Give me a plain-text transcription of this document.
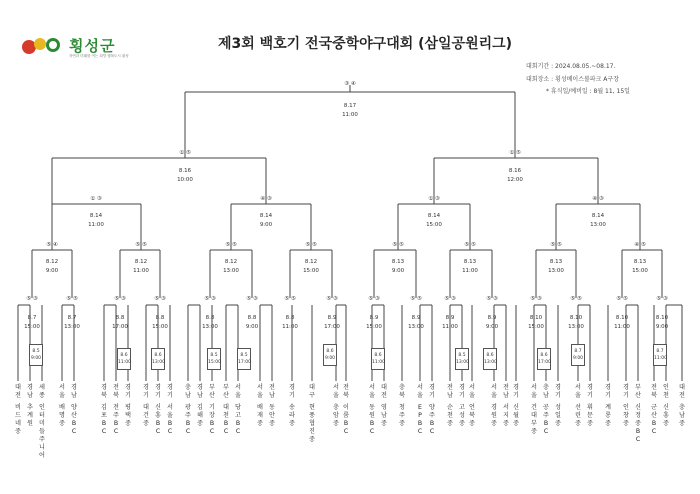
횡성군
자연과 미래를 여는 희망 행복도시 횡성
제3회 백호기 전국중학야구대회 (삼일공원리그)
대회기간 : 2024.08.05.~08.17.
대회장소 : 횡성베이스볼파크 A구장
* 휴식일/예비일 : 8월 11, 15일
③ ④
8.17
11:00
① ⑤
8.16
10:00
① ⑤
8.16
12:00
① ③
8.14
11:00
④ ③
8.14
9:00
① ③
8.14
15:00
④ ③
8.14
13:00
⑤ ④
8.12
9:00
⑤ ⑤
8.12
11:00
⑤ ⑤
8.12
13:00
⑤ ⑤
8.12
15:00
⑤ ⑤
8.13
9:00
⑤ ⑤
8.13
11:00
⑤ ⑤
8.13
13:00
④ ⑤
8.13
15:00
⑤ ③
8.7
15:00
⑤ ⑤
8.7
13:00
⑤ ③
8.8
17:00
⑤ ③
8.8
15:00
⑤ ③
8.8
13:00
⑤ ③
8.8
9:00
⑤ ⑤
8.8
11:00
⑤ ③
8.9
17:00
⑤ ③
8.9
15:00
⑤ ⑤
8.9
13:00
⑤ ③
8.9
11:00
⑤ ③
8.9
9:00
⑤ ③
8.10
15:00
⑤ ⑤
8.10
13:00
⑤ ⑤
8.10
11:00
⑤ ③
8.10
9:00
8.5
9:00
8.6
11:00
8.6
13:00
8.5
15:00
8.5
17:00
8.6
9:00
8.6
11:00
8.5
13:00
8.6
13:00
8.6
17:00
8.7
9:00
8.7
11:00
대전
비드네중
경남
추계원
세종
인터미들주니어
서울
배명중
경남
양산BC
경북
김포BC
전북
전주BC
경기
평택중
경기
대건중
경기
신흥BC
경기
서울BC
충남
광주BC
경남
김해중
부산
기장BC
부산
대천BC
서울
당고BC
서울
배재중
전남
동안중
경기
송라중
대구
현풍협진중
서울
충암중
전북
이룸BC
서울
동원BC
대전
영남중
충북
청주중
서울
EP BC
경기
양주BC
전남
순천중
경기
고성중
서울
언북중
서울
경원중
전남
서지중
경기
신월중
서울
건대부중
충남
공주BC
경기
성일중
서울
선린중
경기
휘문중
경기
계룡중
경기
인창중
부산
신정중BC
전북
군산BC
인천
신흥중
대전
충남중
